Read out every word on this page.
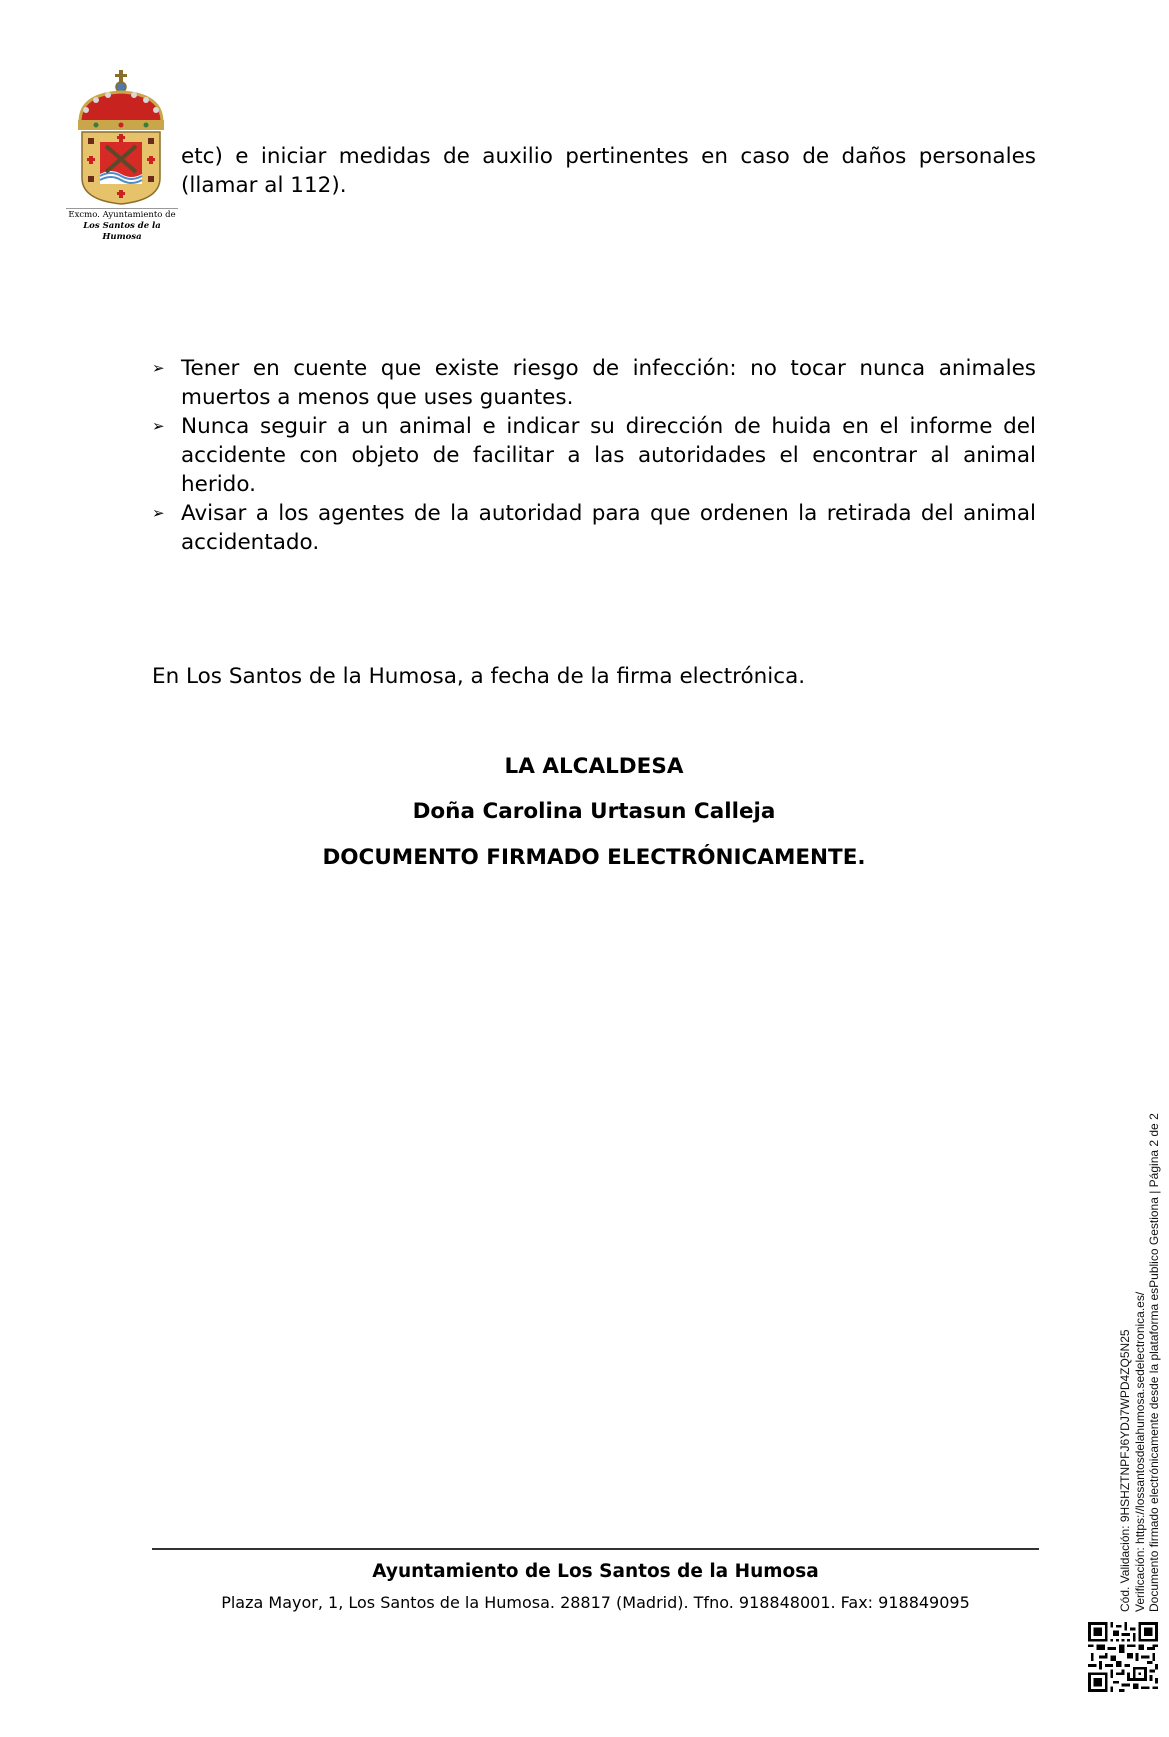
Excmo. Ayuntamiento de
Los Santos de la Humosa
etc) e iniciar medidas de auxilio pertinentes en caso de daños personales (llamar al 112).
➢ Tener en cuente que existe riesgo de infección: no tocar nunca animales muertos a menos que uses guantes.
➢ Nunca seguir a un animal e indicar su dirección de huida en el informe del accidente con objeto de facilitar a las autoridades el encontrar al animal herido.
➢ Avisar a los agentes de la autoridad para que ordenen la retirada del animal accidentado.
En Los Santos de la Humosa, a fecha de la firma electrónica.
LA ALCALDESA
Doña Carolina Urtasun Calleja
DOCUMENTO FIRMADO ELECTRÓNICAMENTE.
Ayuntamiento de Los Santos de la Humosa
Plaza Mayor, 1, Los Santos de la Humosa. 28817 (Madrid). Tfno. 918848001. Fax: 918849095	Cód. Validación: 9HSHZTNPFJ6YDJ7WPD4ZQ5N25 Verificación: https://lossantosdelahumosa.sedelectronica.es/ Documento firmado electrónicamente desde la plataforma esPublico Gestiona | Página 2 de 2
